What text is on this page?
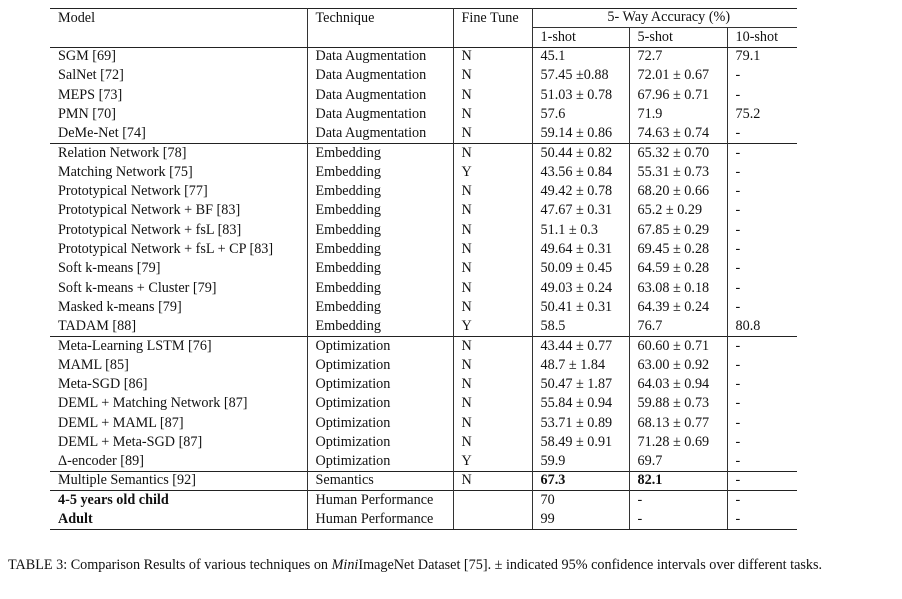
Model	Technique	Fine Tune	5- Way Accuracy (%)		
			1-shot	5-shot	10-shot
SGM [69]	Data Augmentation	N	45.1	72.7	79.1
SalNet [72]	Data Augmentation	N	57.45 ±0.88	72.01 ± 0.67	-
MEPS [73]	Data Augmentation	N	51.03 ± 0.78	67.96 ± 0.71	-
PMN [70]	Data Augmentation	N	57.6	71.9	75.2
DeMe-Net [74]	Data Augmentation	N	59.14 ± 0.86	74.63 ± 0.74	-
Relation Network [78]	Embedding	N	50.44 ± 0.82	65.32 ± 0.70	-
Matching Network [75]	Embedding	Y	43.56 ± 0.84	55.31 ± 0.73	-
Prototypical Network [77]	Embedding	N	49.42 ± 0.78	68.20 ± 0.66	-
Prototypical Network + BF [83]	Embedding	N	47.67 ± 0.31	65.2 ± 0.29	-
Prototypical Network + fsL [83]	Embedding	N	51.1 ± 0.3	67.85 ± 0.29	-
Prototypical Network + fsL + CP [83]	Embedding	N	49.64 ± 0.31	69.45 ± 0.28	-
Soft k-means [79]	Embedding	N	50.09 ± 0.45	64.59 ± 0.28	-
Soft k-means + Cluster [79]	Embedding	N	49.03 ± 0.24	63.08 ± 0.18	-
Masked k-means [79]	Embedding	N	50.41 ± 0.31	64.39 ± 0.24	-
TADAM [88]	Embedding	Y	58.5	76.7	80.8
Meta-Learning LSTM [76]	Optimization	N	43.44 ± 0.77	60.60 ± 0.71	-
MAML [85]	Optimization	N	48.7 ± 1.84	63.00 ± 0.92	-
Meta-SGD [86]	Optimization	N	50.47 ± 1.87	64.03 ± 0.94	-
DEML + Matching Network [87]	Optimization	N	55.84 ± 0.94	59.88 ± 0.73	-
DEML + MAML [87]	Optimization	N	53.71 ± 0.89	68.13 ± 0.77	-
DEML + Meta-SGD [87]	Optimization	N	58.49 ± 0.91	71.28 ± 0.69	-
Δ-encoder [89]	Optimization	Y	59.9	69.7	-
Multiple Semantics [92]	Semantics	N	67.3	82.1	-
4-5 years old child	Human Performance		70	-	-
Adult	Human Performance		99	-	-
TABLE 3: Comparison Results of various techniques on MiniImageNet Dataset [75]. ± indicated 95% confidence intervals over different tasks.
